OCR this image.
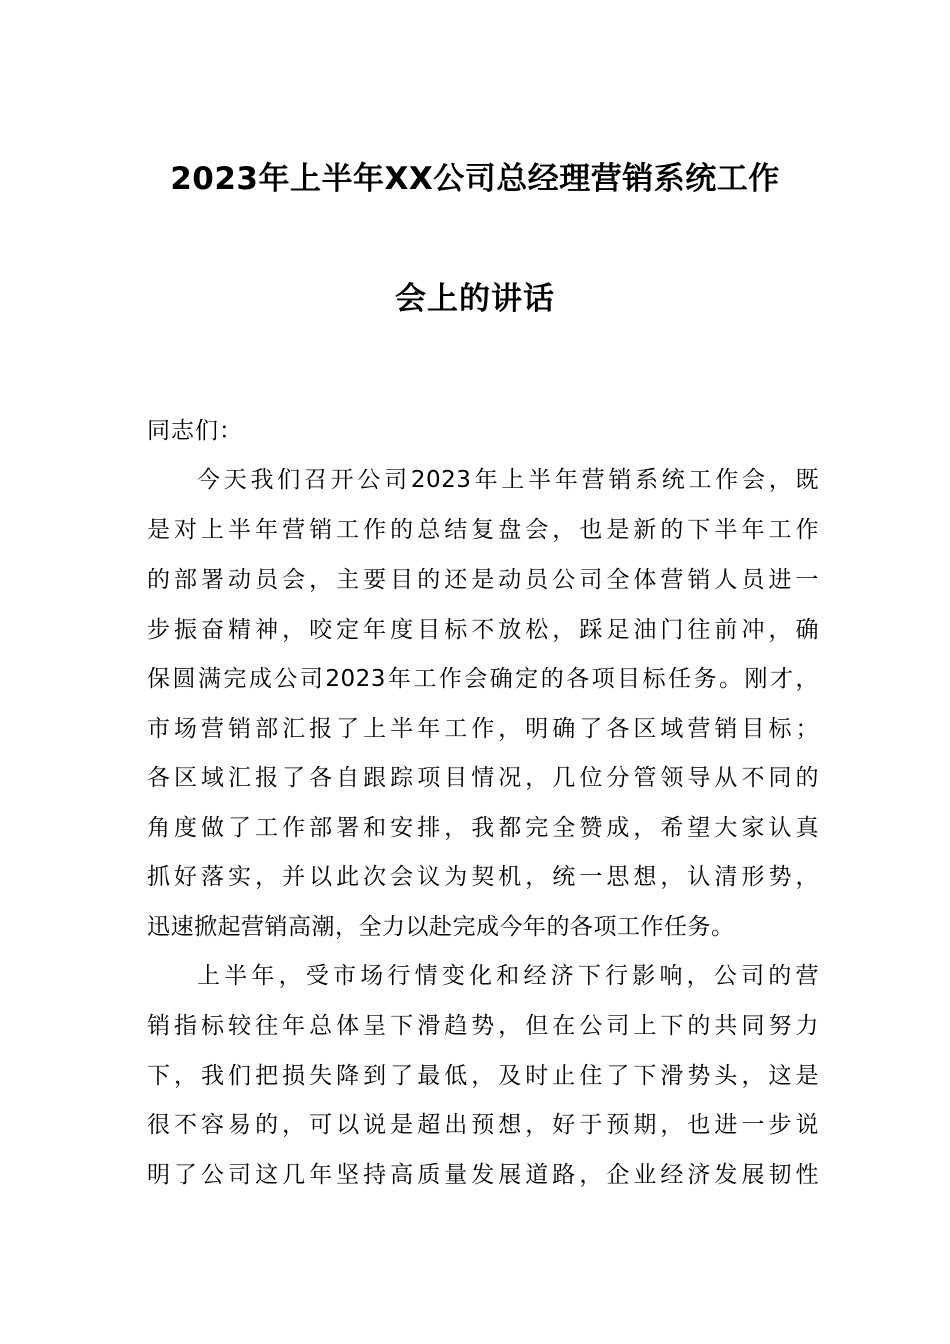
2023年上半年XX公司总经理营销系统工作
会上的讲话
同志们：
今天我们召开公司2023年上半年营销系统工作会，既
是对上半年营销工作的总结复盘会，也是新的下半年工作
的部署动员会，主要目的还是动员公司全体营销人员进一
步振奋精神，咬定年度目标不放松，踩足油门往前冲，确
保圆满完成公司2023年工作会确定的各项目标任务。刚才，
市场营销部汇报了上半年工作，明确了各区域营销目标；
各区域汇报了各自跟踪项目情况，几位分管领导从不同的
角度做了工作部署和安排，我都完全赞成，希望大家认真
抓好落实，并以此次会议为契机，统一思想，认清形势，
迅速掀起营销高潮，全力以赴完成今年的各项工作任务。
上半年，受市场行情变化和经济下行影响，公司的营
销指标较往年总体呈下滑趋势，但在公司上下的共同努力
下，我们把损失降到了最低，及时止住了下滑势头，这是
很不容易的，可以说是超出预想，好于预期，也进一步说
明了公司这几年坚持高质量发展道路，企业经济发展韧性
